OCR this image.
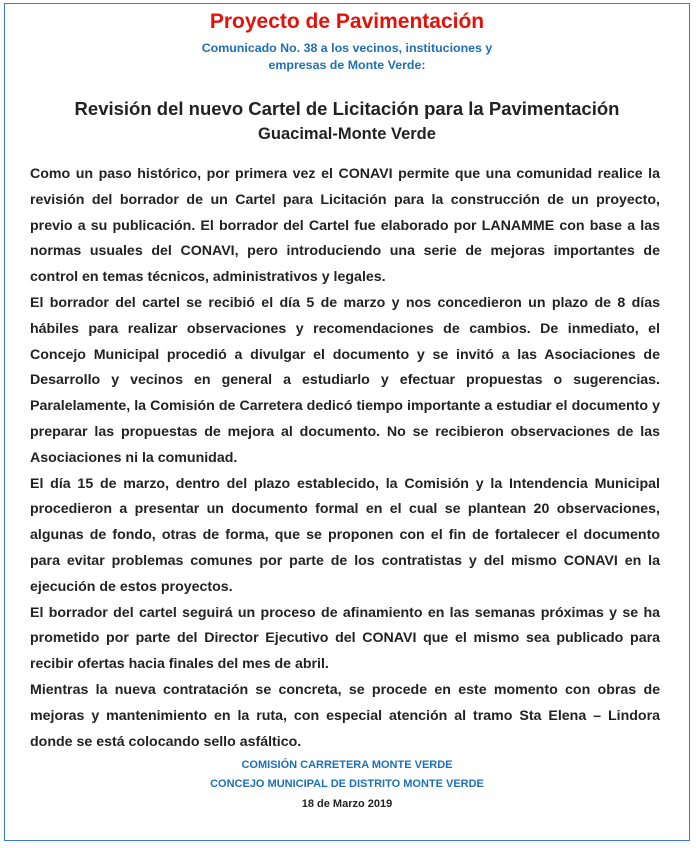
Proyecto de Pavimentación
Comunicado No. 38 a los vecinos, instituciones y
empresas de Monte Verde:
Revisión del nuevo Cartel de Licitación para la Pavimentación
Guacimal-Monte Verde

Como un paso histórico, por primera vez el CONAVI permite que una comunidad realice la revisión del borrador de un Cartel para Licitación para la construcción de un proyecto, previo a su publicación. El borrador del Cartel fue elaborado por LANAMME con base a las normas usuales del CONAVI, pero introduciendo una serie de mejoras importantes de control en temas técnicos, administrativos y legales.

El borrador del cartel se recibió el día 5 de marzo y nos concedieron un plazo de 8 días hábiles para realizar observaciones y recomendaciones de cambios. De inmediato, el Concejo Municipal procedió a divulgar el documento y se invitó a las Asociaciones de Desarrollo y vecinos en general a estudiarlo y efectuar propuestas o sugerencias. Paralelamente, la Comisión de Carretera dedicó tiempo importante a estudiar el documento y preparar las propuestas de mejora al documento. No se recibieron observaciones de las Asociaciones ni la comunidad.

El día 15 de marzo, dentro del plazo establecido, la Comisión y la Intendencia Municipal procedieron a presentar un documento formal en el cual se plantean 20 observaciones, algunas de fondo, otras de forma, que se proponen con el fin de fortalecer el documento para evitar problemas comunes por parte de los contratistas y del mismo CONAVI en la ejecución de estos proyectos.

El borrador del cartel seguirá un proceso de afinamiento en las semanas próximas y se ha prometido por parte del Director Ejecutivo del CONAVI que el mismo sea publicado para recibir ofertas hacia finales del mes de abril.

Mientras la nueva contratación se concreta, se procede en este momento con obras de mejoras y mantenimiento en la ruta, con especial atención al tramo Sta Elena – Lindora donde se está colocando sello asfáltico.

COMISIÓN CARRETERA MONTE VERDE
CONCEJO MUNICIPAL DE DISTRITO MONTE VERDE
18 de Marzo 2019
